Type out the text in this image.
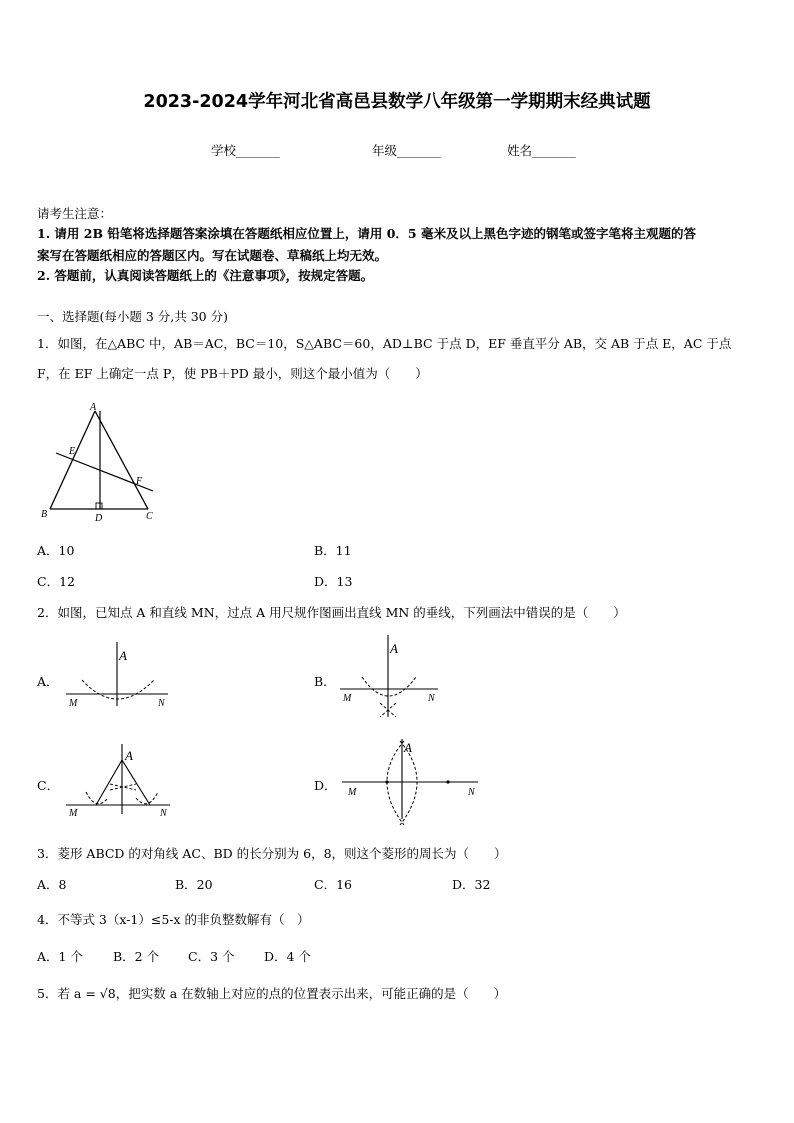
2023-2024学年河北省高邑县数学八年级第一学期期末经典试题
学校_______	年级_______	姓名_______
请考生注意：
1. 请用 2B 铅笔将选择题答案涂填在答题纸相应位置上，请用 0．5 毫米及以上黑色字迹的钢笔或签字笔将主观题的答
案写在答题纸相应的答题区内。写在试题卷、草稿纸上均无效。
2. 答题前，认真阅读答题纸上的《注意事项》，按规定答题。
一、选择题(每小题 3 分,共 30 分)
1．如图，在△ABC 中，AB＝AC，BC＝10，S△ABC＝60，AD⊥BC 于点 D，EF 垂直平分 AB，交 AB 于点 E，AC 于点
F，在 EF 上确定一点 P，使 PB＋PD 最小，则这个最小值为（　　）
A
B	C
D
E
F
A．10	B．11
C．12	D．13
2．如图，已知点 A 和直线 MN，过点 A 用尺规作图画出直线 MN 的垂线，下列画法中错误的是（　　）
A．	B．
C．	D．
A
M	N
A
M	N
A
M	N
A
M	N
3．菱形 ABCD 的对角线 AC、BD 的长分别为 6，8，则这个菱形的周长为（　　）
A．8	B．20	C．16	D．32
4．不等式 3（x-1）≤5-x 的非负整数解有（　）
A．1 个 B．2 个 C．3 个 D．4 个
5．若 a = √8，把实数 a 在数轴上对应的点的位置表示出来，可能正确的是（　　）
